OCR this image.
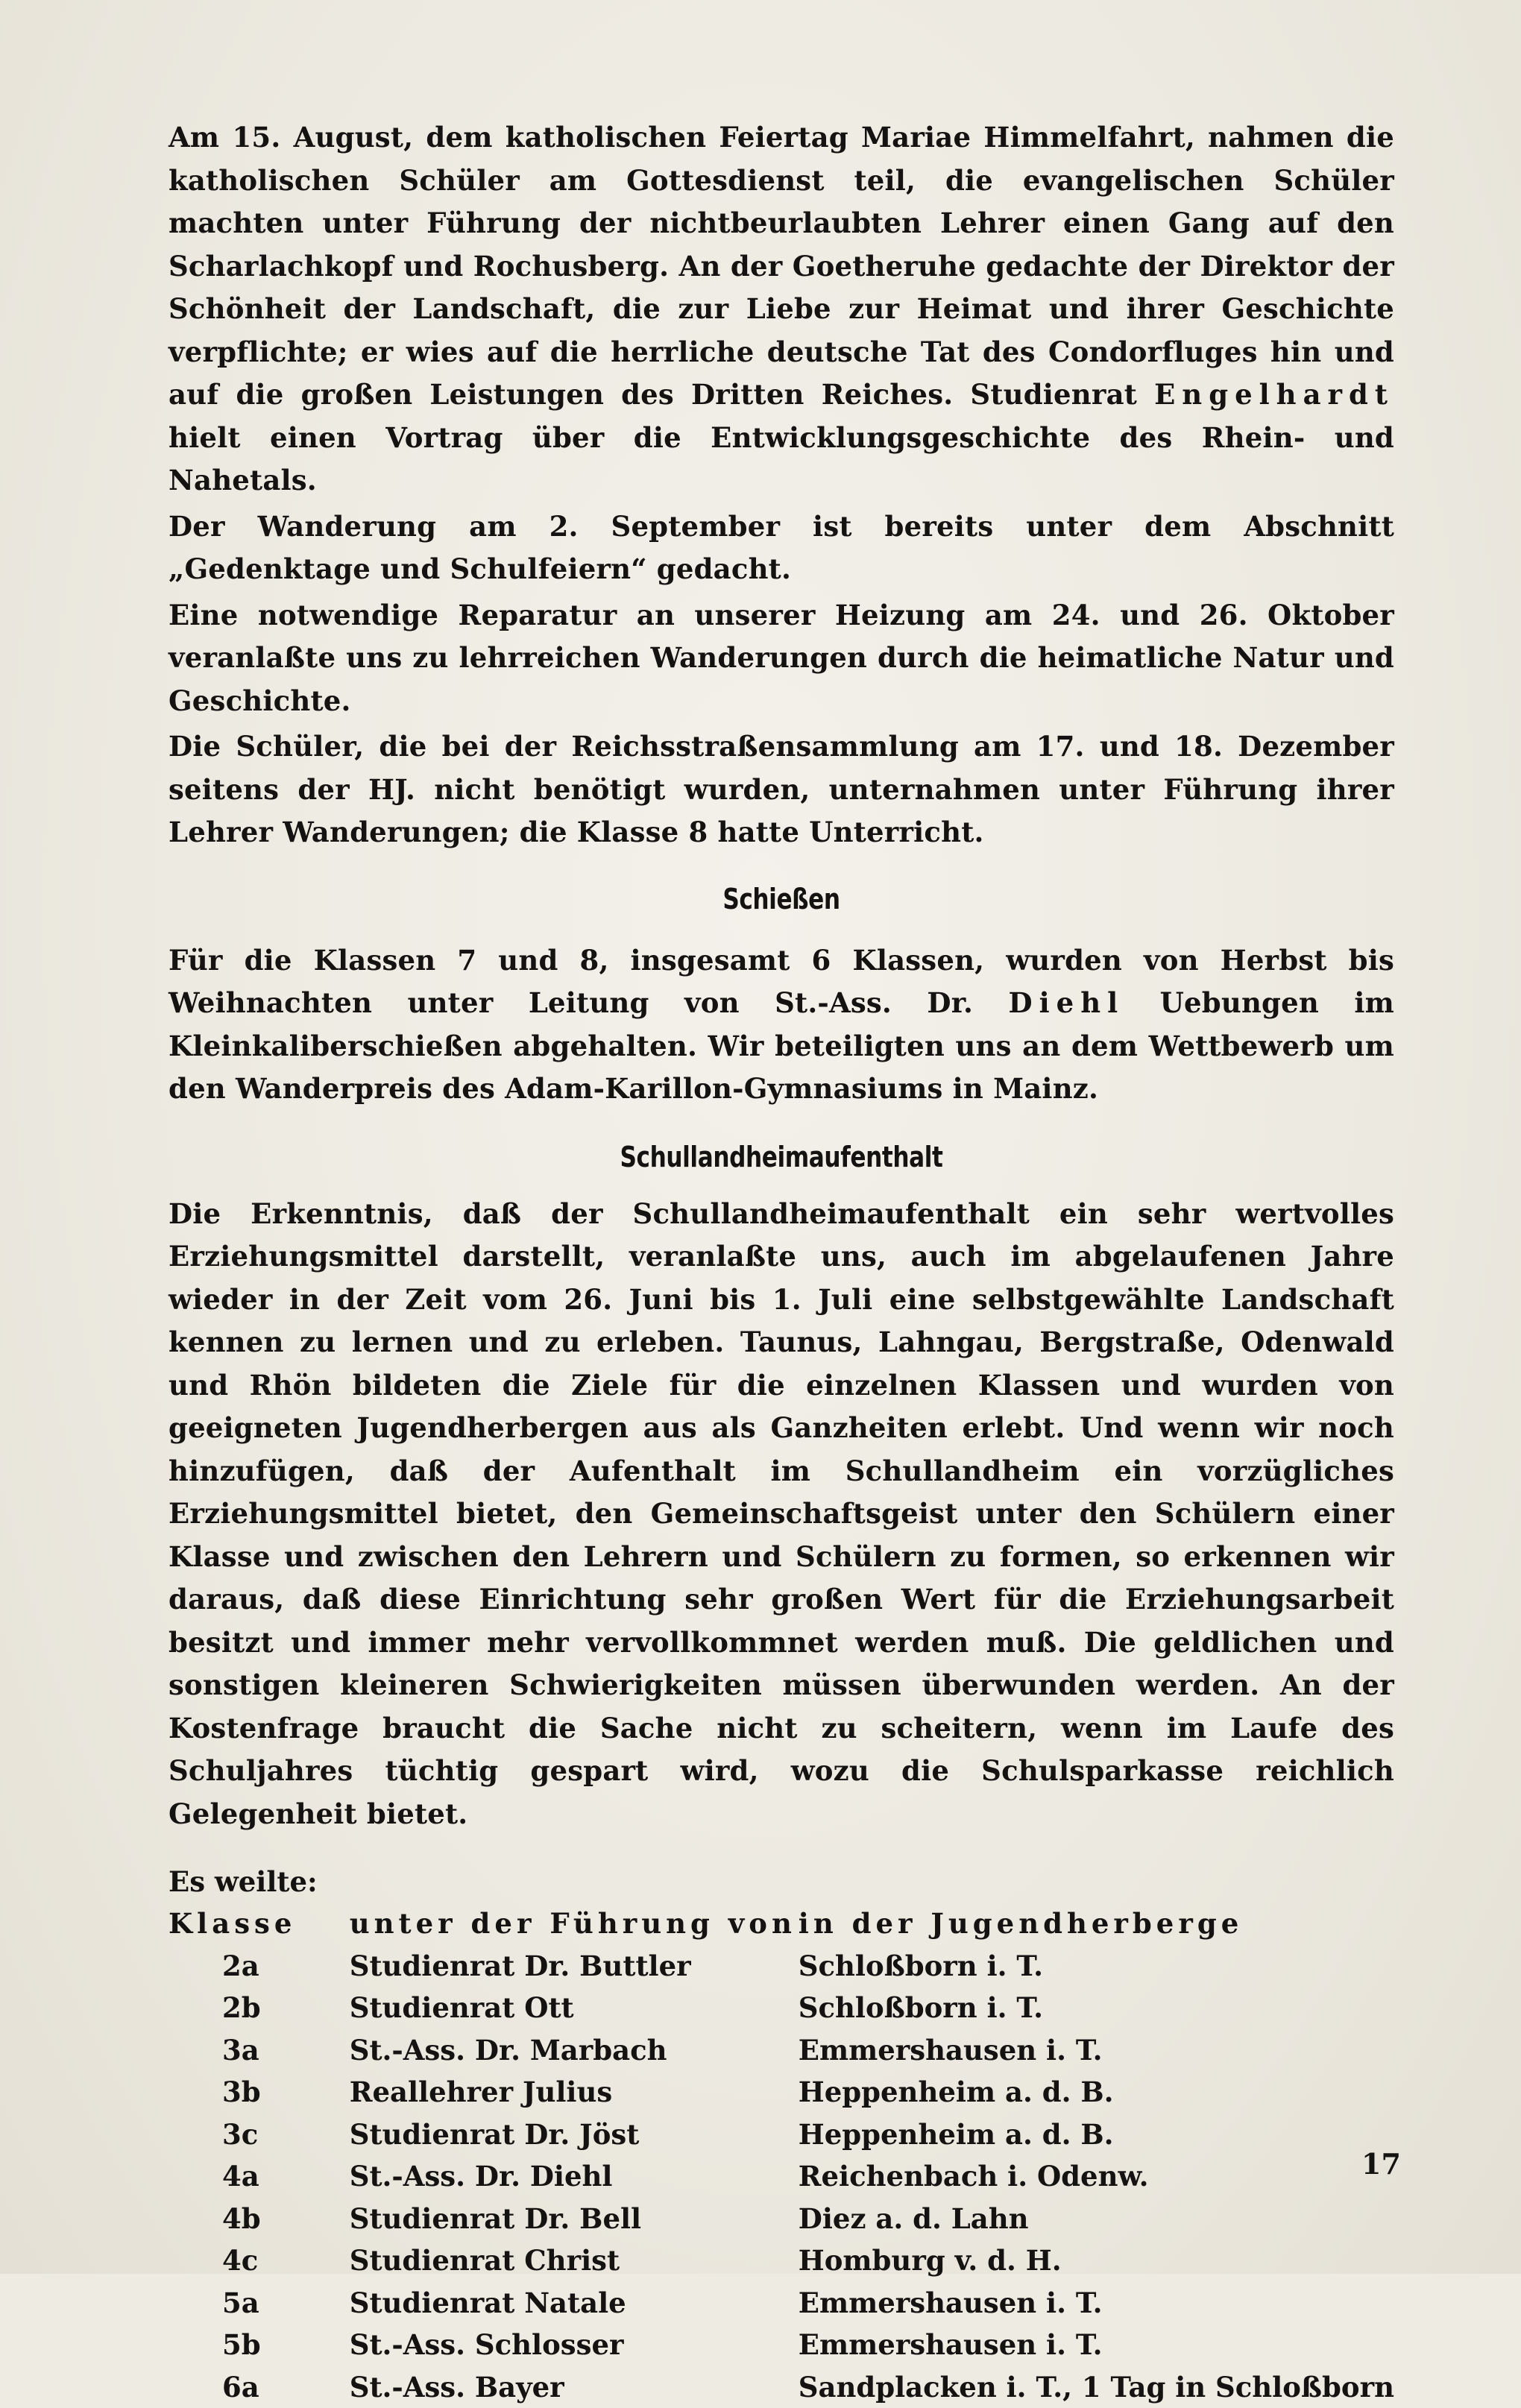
Am 15. August, dem katholischen Feiertag Mariae Himmelfahrt, nahmen die katholischen Schüler am Gottesdienst teil, die evangelischen Schüler machten unter Führung der nichtbeurlaubten Lehrer einen Gang auf den Scharlachkopf und Rochusberg. An der Goetheruhe gedachte der Direktor der Schönheit der Landschaft, die zur Liebe zur Heimat und ihrer Geschichte verpflichte; er wies auf die herrliche deutsche Tat des Condorfluges hin und auf die großen Leistungen des Dritten Reiches. Studienrat Engelhardt hielt einen Vortrag über die Entwicklungsgeschichte des Rhein- und Nahetals.

Der Wanderung am 2. September ist bereits unter dem Abschnitt „Gedenktage und Schulfeiern“ gedacht.

Eine notwendige Reparatur an unserer Heizung am 24. und 26. Oktober veranlaßte uns zu lehrreichen Wanderungen durch die heimatliche Natur und Geschichte.

Die Schüler, die bei der Reichsstraßensammlung am 17. und 18. Dezember seitens der HJ. nicht benötigt wurden, unternahmen unter Führung ihrer Lehrer Wanderungen; die Klasse 8 hatte Unterricht.

Schießen

Für die Klassen 7 und 8, insgesamt 6 Klassen, wurden von Herbst bis Weihnachten unter Leitung von St.-Ass. Dr. Diehl Uebungen im Kleinkaliberschießen abgehalten. Wir beteiligten uns an dem Wettbewerb um den Wanderpreis des Adam-Karillon-Gymnasiums in Mainz.

Schullandheimaufenthalt

Die Erkenntnis, daß der Schullandheimaufenthalt ein sehr wertvolles Erziehungsmittel darstellt, veranlaßte uns, auch im abgelaufenen Jahre wieder in der Zeit vom 26. Juni bis 1. Juli eine selbstgewählte Landschaft kennen zu lernen und zu erleben. Taunus, Lahngau, Bergstraße, Odenwald und Rhön bildeten die Ziele für die einzelnen Klassen und wurden von geeigneten Jugendherbergen aus als Ganzheiten erlebt. Und wenn wir noch hinzufügen, daß der Aufenthalt im Schullandheim ein vorzügliches Erziehungsmittel bietet, den Gemeinschaftsgeist unter den Schülern einer Klasse und zwischen den Lehrern und Schülern zu formen, so erkennen wir daraus, daß diese Einrichtung sehr großen Wert für die Erziehungsarbeit besitzt und immer mehr vervollkommnet werden muß. Die geldlichen und sonstigen kleineren Schwierigkeiten müssen überwunden werden. An der Kostenfrage braucht die Sache nicht zu scheitern, wenn im Laufe des Schuljahres tüchtig gespart wird, wozu die Schulsparkasse reichlich Gelegenheit bietet.

Es weilte:
Klasse	unter der Führung von	in der Jugendherberge
2a	Studienrat Dr. Buttler	Schloßborn i. T.
2b	Studienrat Ott	Schloßborn i. T.
3a	St.-Ass. Dr. Marbach	Emmershausen i. T.
3b	Reallehrer Julius	Heppenheim a. d. B.
3c	Studienrat Dr. Jöst	Heppenheim a. d. B.
4a	St.-Ass. Dr. Diehl	Reichenbach i. Odenw.
4b	Studienrat Dr. Bell	Diez a. d. Lahn
4c	Studienrat Christ	Homburg v. d. H.
5a	Studienrat Natale	Emmershausen i. T.
5b	St.-Ass. Schlosser	Emmershausen i. T.
6a	St.-Ass. Bayer	Sandplacken i. T., 1 Tag in Schloßborn
17
